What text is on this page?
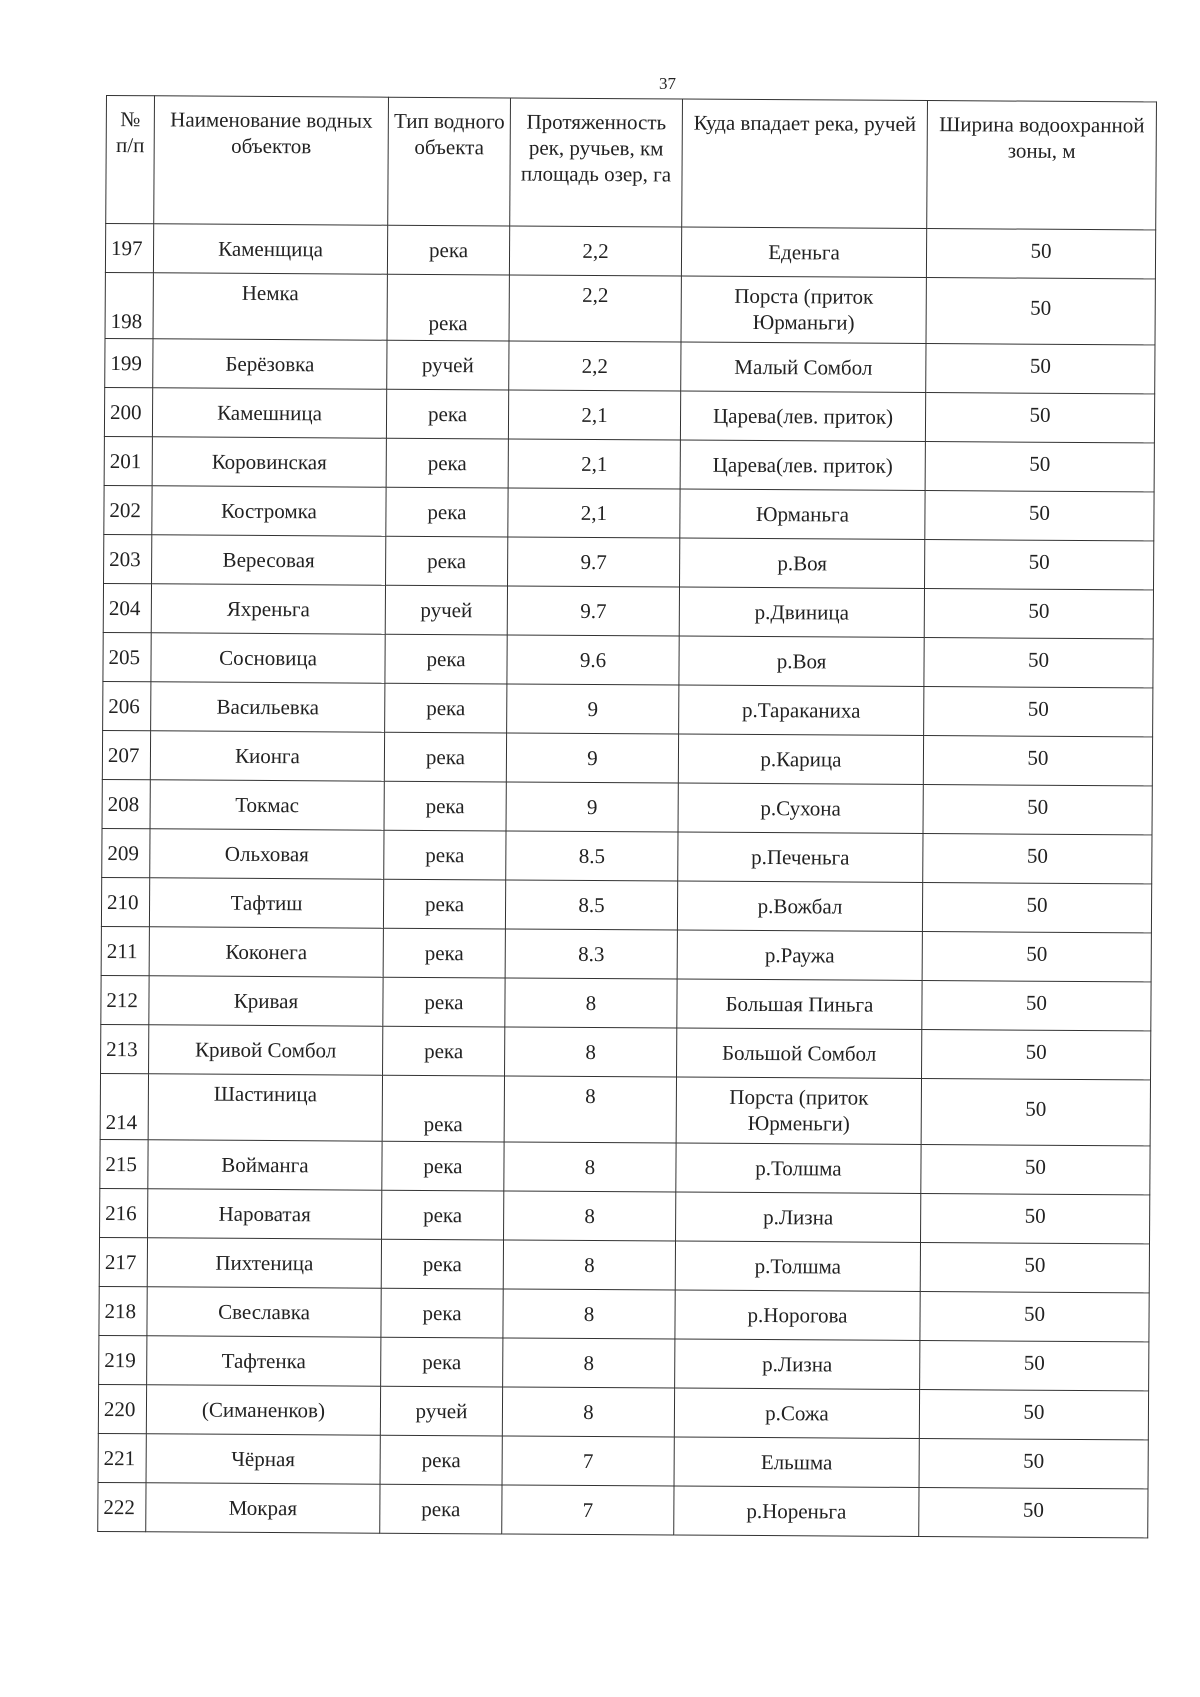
37
№ п/п	Наименование водных объектов	Тип водного объекта	Протяженность рек, ручьев, км площадь озер, га	Куда впадает река, ручей	Ширина водоохранной зоны, м
197	Каменщица	река	2,2	Еденьга	50
198	Немка	река	2,2	Порста (приток Юрманьги)	50
199	Берёзовка	ручей	2,2	Малый Сомбол	50
200	Камешница	река	2,1	Царева(лев. приток)	50
201	Коровинская	река	2,1	Царева(лев. приток)	50
202	Костромка	река	2,1	Юрманьга	50
203	Вересовая	река	9.7	р.Воя	50
204	Яхреньга	ручей	9.7	р.Двиница	50
205	Сосновица	река	9.6	р.Воя	50
206	Васильевка	река	9	р.Тараканиха	50
207	Кионга	река	9	р.Карица	50
208	Токмас	река	9	р.Сухона	50
209	Ольховая	река	8.5	р.Печеньга	50
210	Тафтиш	река	8.5	р.Вожбал	50
211	Коконега	река	8.3	р.Раужа	50
212	Кривая	река	8	Большая Пиньга	50
213	Кривой Сомбол	река	8	Большой Сомбол	50
214	Шастиница	река	8	Порста (приток Юрменьги)	50
215	Войманга	река	8	р.Толшма	50
216	Нароватая	река	8	р.Лизна	50
217	Пихтеница	река	8	р.Толшма	50
218	Свеславка	река	8	р.Норогова	50
219	Тафтенка	река	8	р.Лизна	50
220	(Симаненков)	ручей	8	р.Сожа	50
221	Чёрная	река	7	Ельшма	50
222	Мокрая	река	7	р.Нореньга	50
